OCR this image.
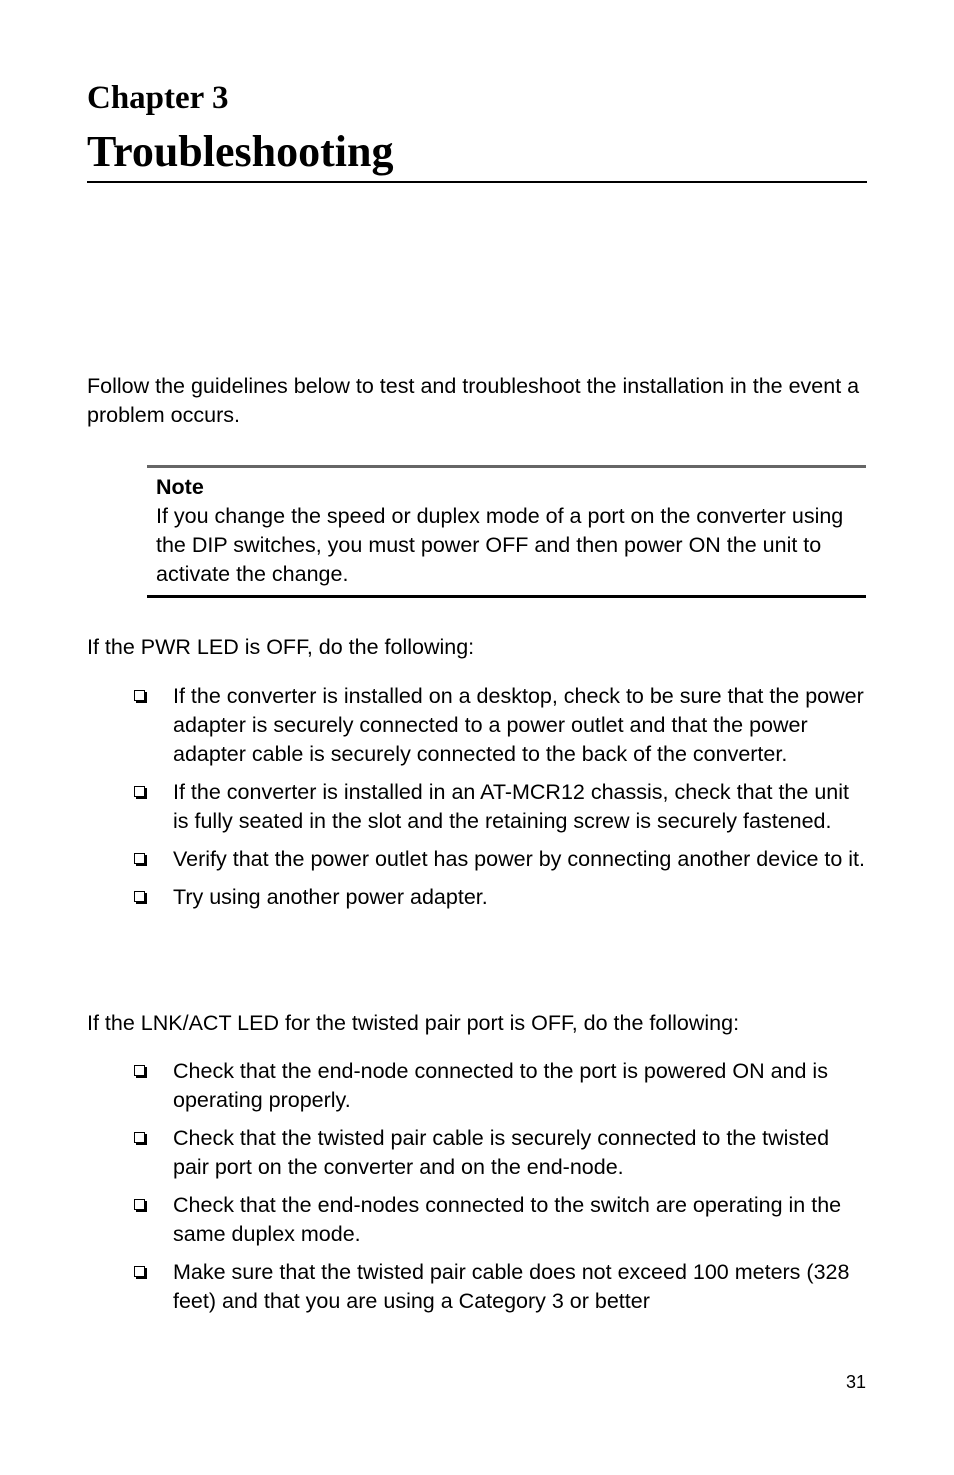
Chapter 3
Troubleshooting

Follow the guidelines below to test and troubleshoot the installation in the event a problem occurs.

Note

If you change the speed or duplex mode of a port on the converter using the DIP switches, you must power OFF and then power ON the unit to activate the change.

If the PWR LED is OFF, do the following:

If the converter is installed on a desktop, check to be sure that the power adapter is securely connected to a power outlet and that the power adapter cable is securely connected to the back of the converter.
If the converter is installed in an AT-MCR12 chassis, check that the unit is fully seated in the slot and the retaining screw is securely fastened.
Verify that the power outlet has power by connecting another device to it.
Try using another power adapter.

If the LNK/ACT LED for the twisted pair port is OFF, do the following:

Check that the end-node connected to the port is powered ON and is operating properly.
Check that the twisted pair cable is securely connected to the twisted pair port on the converter and on the end-node.
Check that the end-nodes connected to the switch are operating in the same duplex mode.
Make sure that the twisted pair cable does not exceed 100 meters (328 feet) and that you are using a Category 3 or better
31
